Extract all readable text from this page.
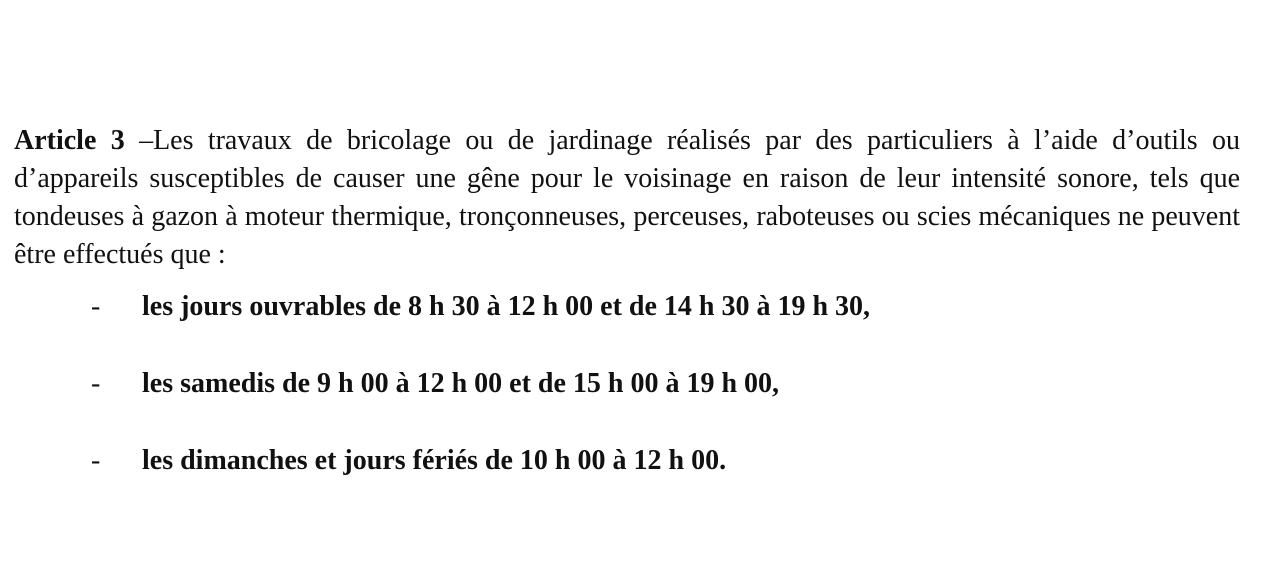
Article 3 –Les travaux de bricolage ou de jardinage réalisés par des particuliers à l’aide d’outils ou d’appareils susceptibles de causer une gêne pour le voisinage en raison de leur intensité sonore, tels que tondeuses à gazon à moteur thermique, tronçonneuses, perceuses, raboteuses ou scies mécaniques ne peuvent être effectués que :

- les jours ouvrables de 8 h 30 à 12 h 00 et de 14 h 30 à 19 h 30,
- les samedis de 9 h 00 à 12 h 00 et de 15 h 00 à 19 h 00,
- les dimanches et jours fériés de 10 h 00 à 12 h 00.
